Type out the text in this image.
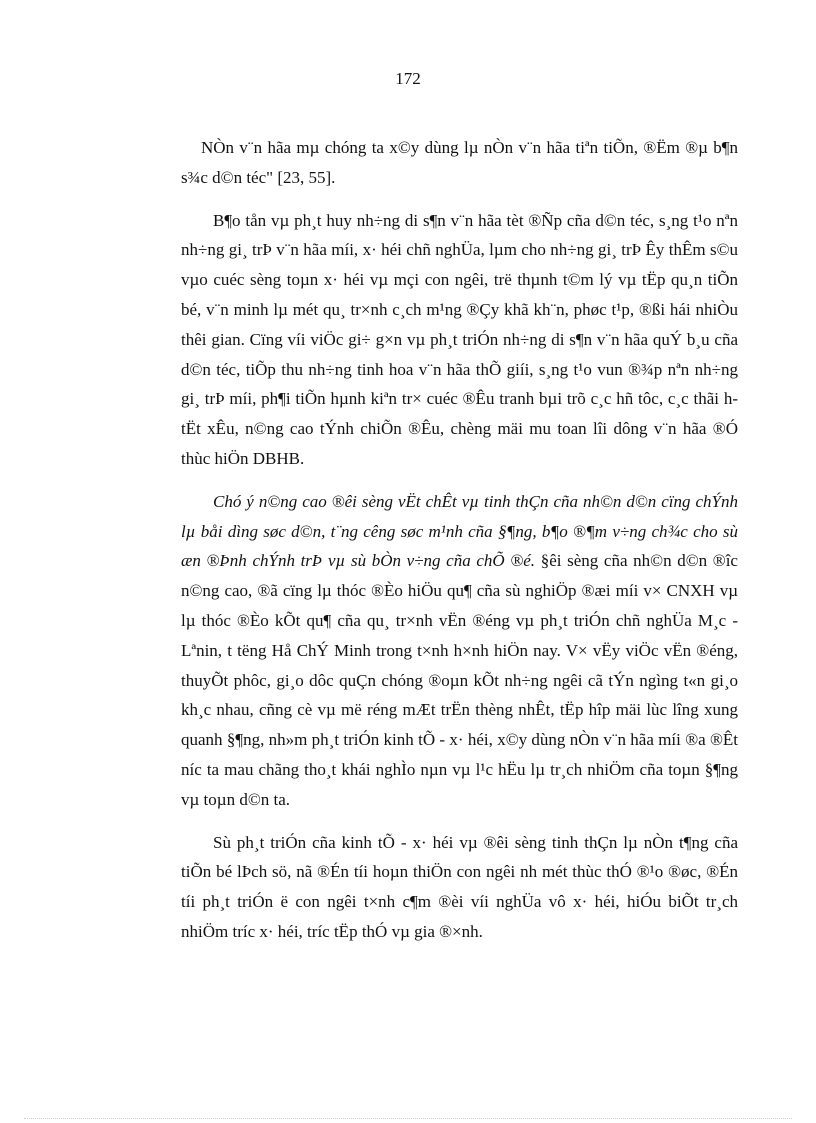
172

NÒn v¨n hãa mµ chóng ta x©y dùng lµ nÒn v¨n hãa tiªn tiÕn, ®Ëm ®µ b¶n s¾c d©n téc" [23, 55].

B¶o tån vµ ph¸t huy nh÷ng di s¶n v¨n hãa tèt ®Ñp cña d©n téc, s¸ng t¹o nªn nh÷ng gi¸ trÞ v¨n hãa míi, x· héi chñ nghÜa, lµm cho nh÷ng gi¸ trÞ Êy thÊm s©u vµo cuéc sèng toµn x· héi vµ mçi con ngêi, trë thµnh t©m lý vµ tËp qu¸n tiÕn bé, v¨n minh lµ mét qu¸ tr×nh c¸ch m¹ng ®Çy khã kh¨n, phøc t¹p, ®ßi hái nhiÒu thêi gian. Cïng víi viÖc gi÷ g×n vµ ph¸t triÓn nh÷ng di s¶n v¨n hãa quÝ b¸u cña d©n téc, tiÕp thu nh÷ng tinh hoa v¨n hãa thÕ giíi, s¸ng t¹o vun ®¾p nªn nh÷ng gi¸ trÞ míi, ph¶i tiÕn hµnh kiªn tr× cuéc ®Êu tranh bµi trõ c¸c hñ tôc, c¸c thãi h tËt xÊu, n©ng cao tÝnh chiÕn ®Êu, chèng mäi mu toan lîi dông v¨n hãa ®Ó thùc hiÖn DBHB.

Chó ý n©ng cao ®êi sèng vËt chÊt vµ tinh thÇn cña nh©n d©n cïng chÝnh lµ båi dìng søc d©n, t¨ng cêng søc m¹nh cña §¶ng, b¶o ®¶m v÷ng ch¾c cho sù æn ®Þnh chÝnh trÞ vµ sù bÒn v÷ng cña chÕ ®é. §êi sèng cña nh©n d©n ®îc n©ng cao, ®ã cïng lµ thóc ®Èo hiÖu qu¶ cña sù nghiÖp ®æi míi v× CNXH vµ lµ thóc ®Èo kÕt qu¶ cña qu¸ tr×nh vËn ®éng vµ ph¸t triÓn chñ nghÜa M¸c - Lªnin, t tëng Hå ChÝ Minh trong t×nh h×nh hiÖn nay. V× vËy viÖc vËn ®éng, thuyÕt phôc, gi¸o dôc quÇn chóng ®oµn kÕt nh÷ng ngêi cã tÝn ngìng t«n gi¸o kh¸c nhau, cñng cè vµ më réng mÆt trËn thèng nhÊt, tËp hîp mäi lùc lîng xung quanh §¶ng, nh»m ph¸t triÓn kinh tÕ - x· héi, x©y dùng nÒn v¨n hãa míi ®a ®Êt níc ta mau chãng tho¸t khái nghÌo nµn vµ l¹c hËu lµ tr¸ch nhiÖm cña toµn §¶ng vµ toµn d©n ta.

Sù ph¸t triÓn cña kinh tÕ - x· héi vµ ®êi sèng tinh thÇn lµ nÒn t¶ng cña tiÕn bé lÞch sö, nã ®Én tíi hoµn thiÖn con ngêi nh mét thùc thÓ ®¹o ®øc, ®Én tíi ph¸t triÓn ë con ngêi t×nh c¶m ®èi víi nghÜa vô x· héi, hiÓu biÕt tr¸ch nhiÖm tríc x· héi, tríc tËp thÓ vµ gia ®×nh.
